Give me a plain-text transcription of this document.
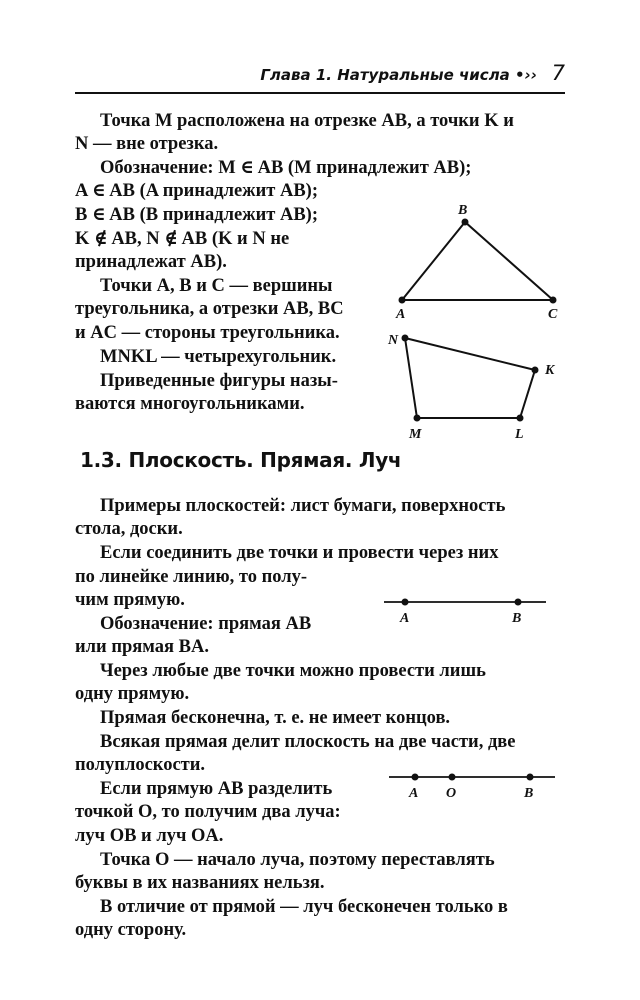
Глава 1. Натуральные числа •›› 7
Точка M расположена на отрезке AB, а точки K и
N — вне отрезка.
Обозначение: M ∈ AB (M принадлежит AB);
A ∈ AB (A принадлежит AB);
B ∈ AB (B принадлежит AB);
K ∉ AB, N ∉ AB (K и N не
принадлежат AB).
Точки A, B и C — вершины
треугольника, а отрезки AB, BC
и AC — стороны треугольника.
MNKL — четырехугольник.
Приведенные фигуры назы-
ваются многоугольниками.
Примеры плоскостей: лист бумаги, поверхность
стола, доски.
Если соединить две точки и провести через них
по линейке линию, то полу-
чим прямую.
Обозначение: прямая AB
или прямая BA.
Через любые две точки можно провести лишь
одну прямую.
Прямая бесконечна, т. е. не имеет концов.
Всякая прямая делит плоскость на две части, две
полуплоскости.
Если прямую AB разделить
точкой O, то получим два луча:
луч OB и луч OA.
Точка O — начало луча, поэтому переставлять
буквы в их названиях нельзя.
В отличие от прямой — луч бесконечен только в
одну сторону.
1.3. Плоскость. Прямая. Луч
B
A	C
N
K
M	L
A	B
A O	B
